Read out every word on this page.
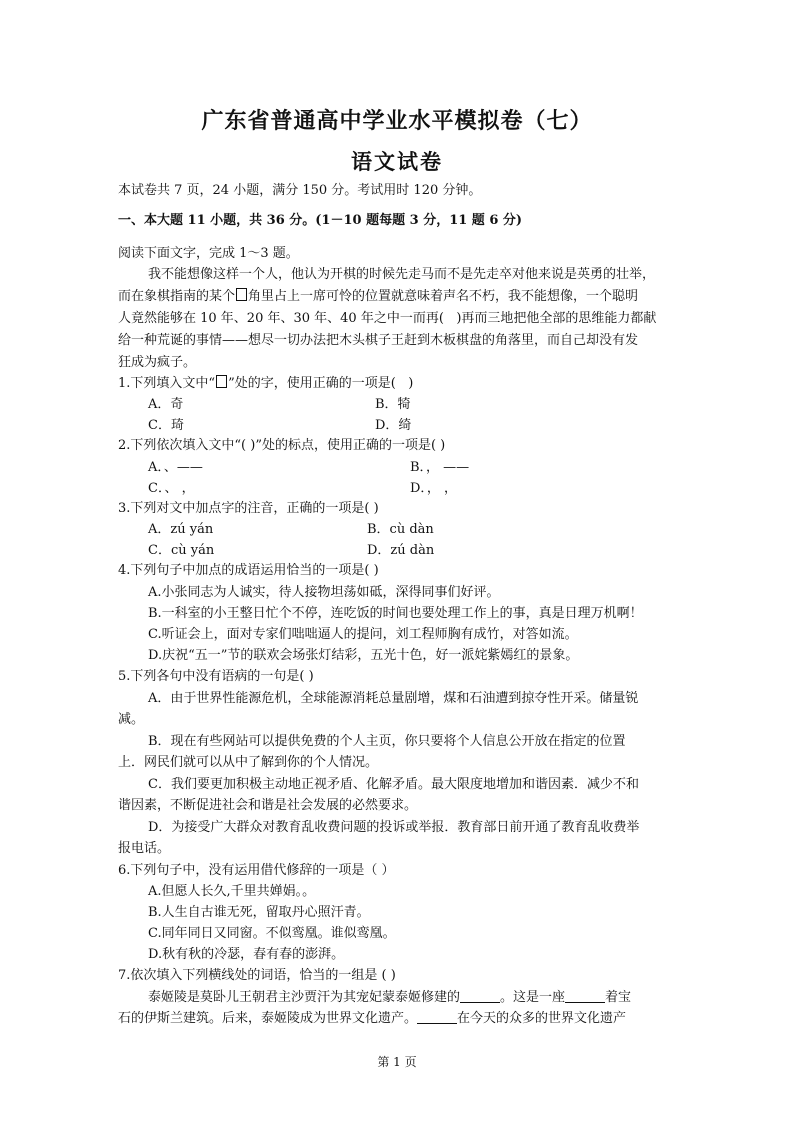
广东省普通高中学业水平模拟卷（七）
语文试卷
本试卷共 7 页，24 小题，满分 150 分。考试用时 120 分钟。
一、本大题 11 小题，共 36 分。(1－10 题每题 3 分，11 题 6 分)
阅读下面文字，完成 1～3 题。
我不能想像这样一个人，他认为开棋的时候先走马而不是先走卒对他来说是英勇的壮举，
而在象棋指南的某个 角里占上一席可怜的位置就意味着声名不朽，我不能想像，一个聪明
人竟然能够在 10 年、20 年、30 年、40 年之中一而再( )再而三地把他全部的思维能力都献
给一种荒诞的事情——想尽一切办法把木头棋子王赶到木板棋盘的角落里，而自己却没有发
狂成为疯子。
1.下列填入文中“ ”处的字，使用正确的一项是( )
A．奇	B．犄
C．琦	D．绮
2.下列依次填入文中“( )”处的标点，使用正确的一项是( )
A．、——	B．， ——
C．、 ，	D．， ，
3.下列对文中加点字的注音，正确的一项是( )
A．zú yán	B．cù dàn
C．cù yán	D．zú dàn
4.下列句子中加点的成语运用恰当的一项是( )
A.小张同志为人诚实，待人接物坦荡如砥，深得同事们好评。
B.一科室的小王整日忙个不停，连吃饭的时间也要处理工作上的事，真是日理万机啊！
C.听证会上，面对专家们咄咄逼人的提问，刘工程师胸有成竹，对答如流。
D.庆祝“五一”节的联欢会场张灯结彩，五光十色，好一派姹紫嫣红的景象。
5.下列各句中没有语病的一句是( )
A．由于世界性能源危机，全球能源消耗总量剧增，煤和石油遭到掠夺性开采。储量锐
减。
B．现在有些网站可以提供免费的个人主页，你只要将个人信息公开放在指定的位置
上．网民们就可以从中了解到你的个人情况。
C．我们要更加积极主动地正视矛盾、化解矛盾。最大限度地增加和谐因素．减少不和
谐因素，不断促进社会和谐是社会发展的必然要求。
D．为接受广大群众对教育乱收费问题的投诉或举报．教育部日前开通了教育乱收费举
报电话。
6.下列句子中，没有运用借代修辞的一项是（ ）
A.但愿人长久,千里共婵娟。。
B.人生自古谁无死，留取丹心照汗青。
C.同年同日又同窗。不似鸾凰。谁似鸾凰。
D.秋有秋的冷瑟，春有春的澎湃。
7.依次填入下列横线处的词语，恰当的一组是 ( )
泰姬陵是莫卧儿王朝君主沙贾汗为其宠妃蒙泰姬修建的	。这是一座	着宝
石的伊斯兰建筑。后来，泰姬陵成为世界文化遗产。	在今天的众多的世界文化遗产
第 1 页
